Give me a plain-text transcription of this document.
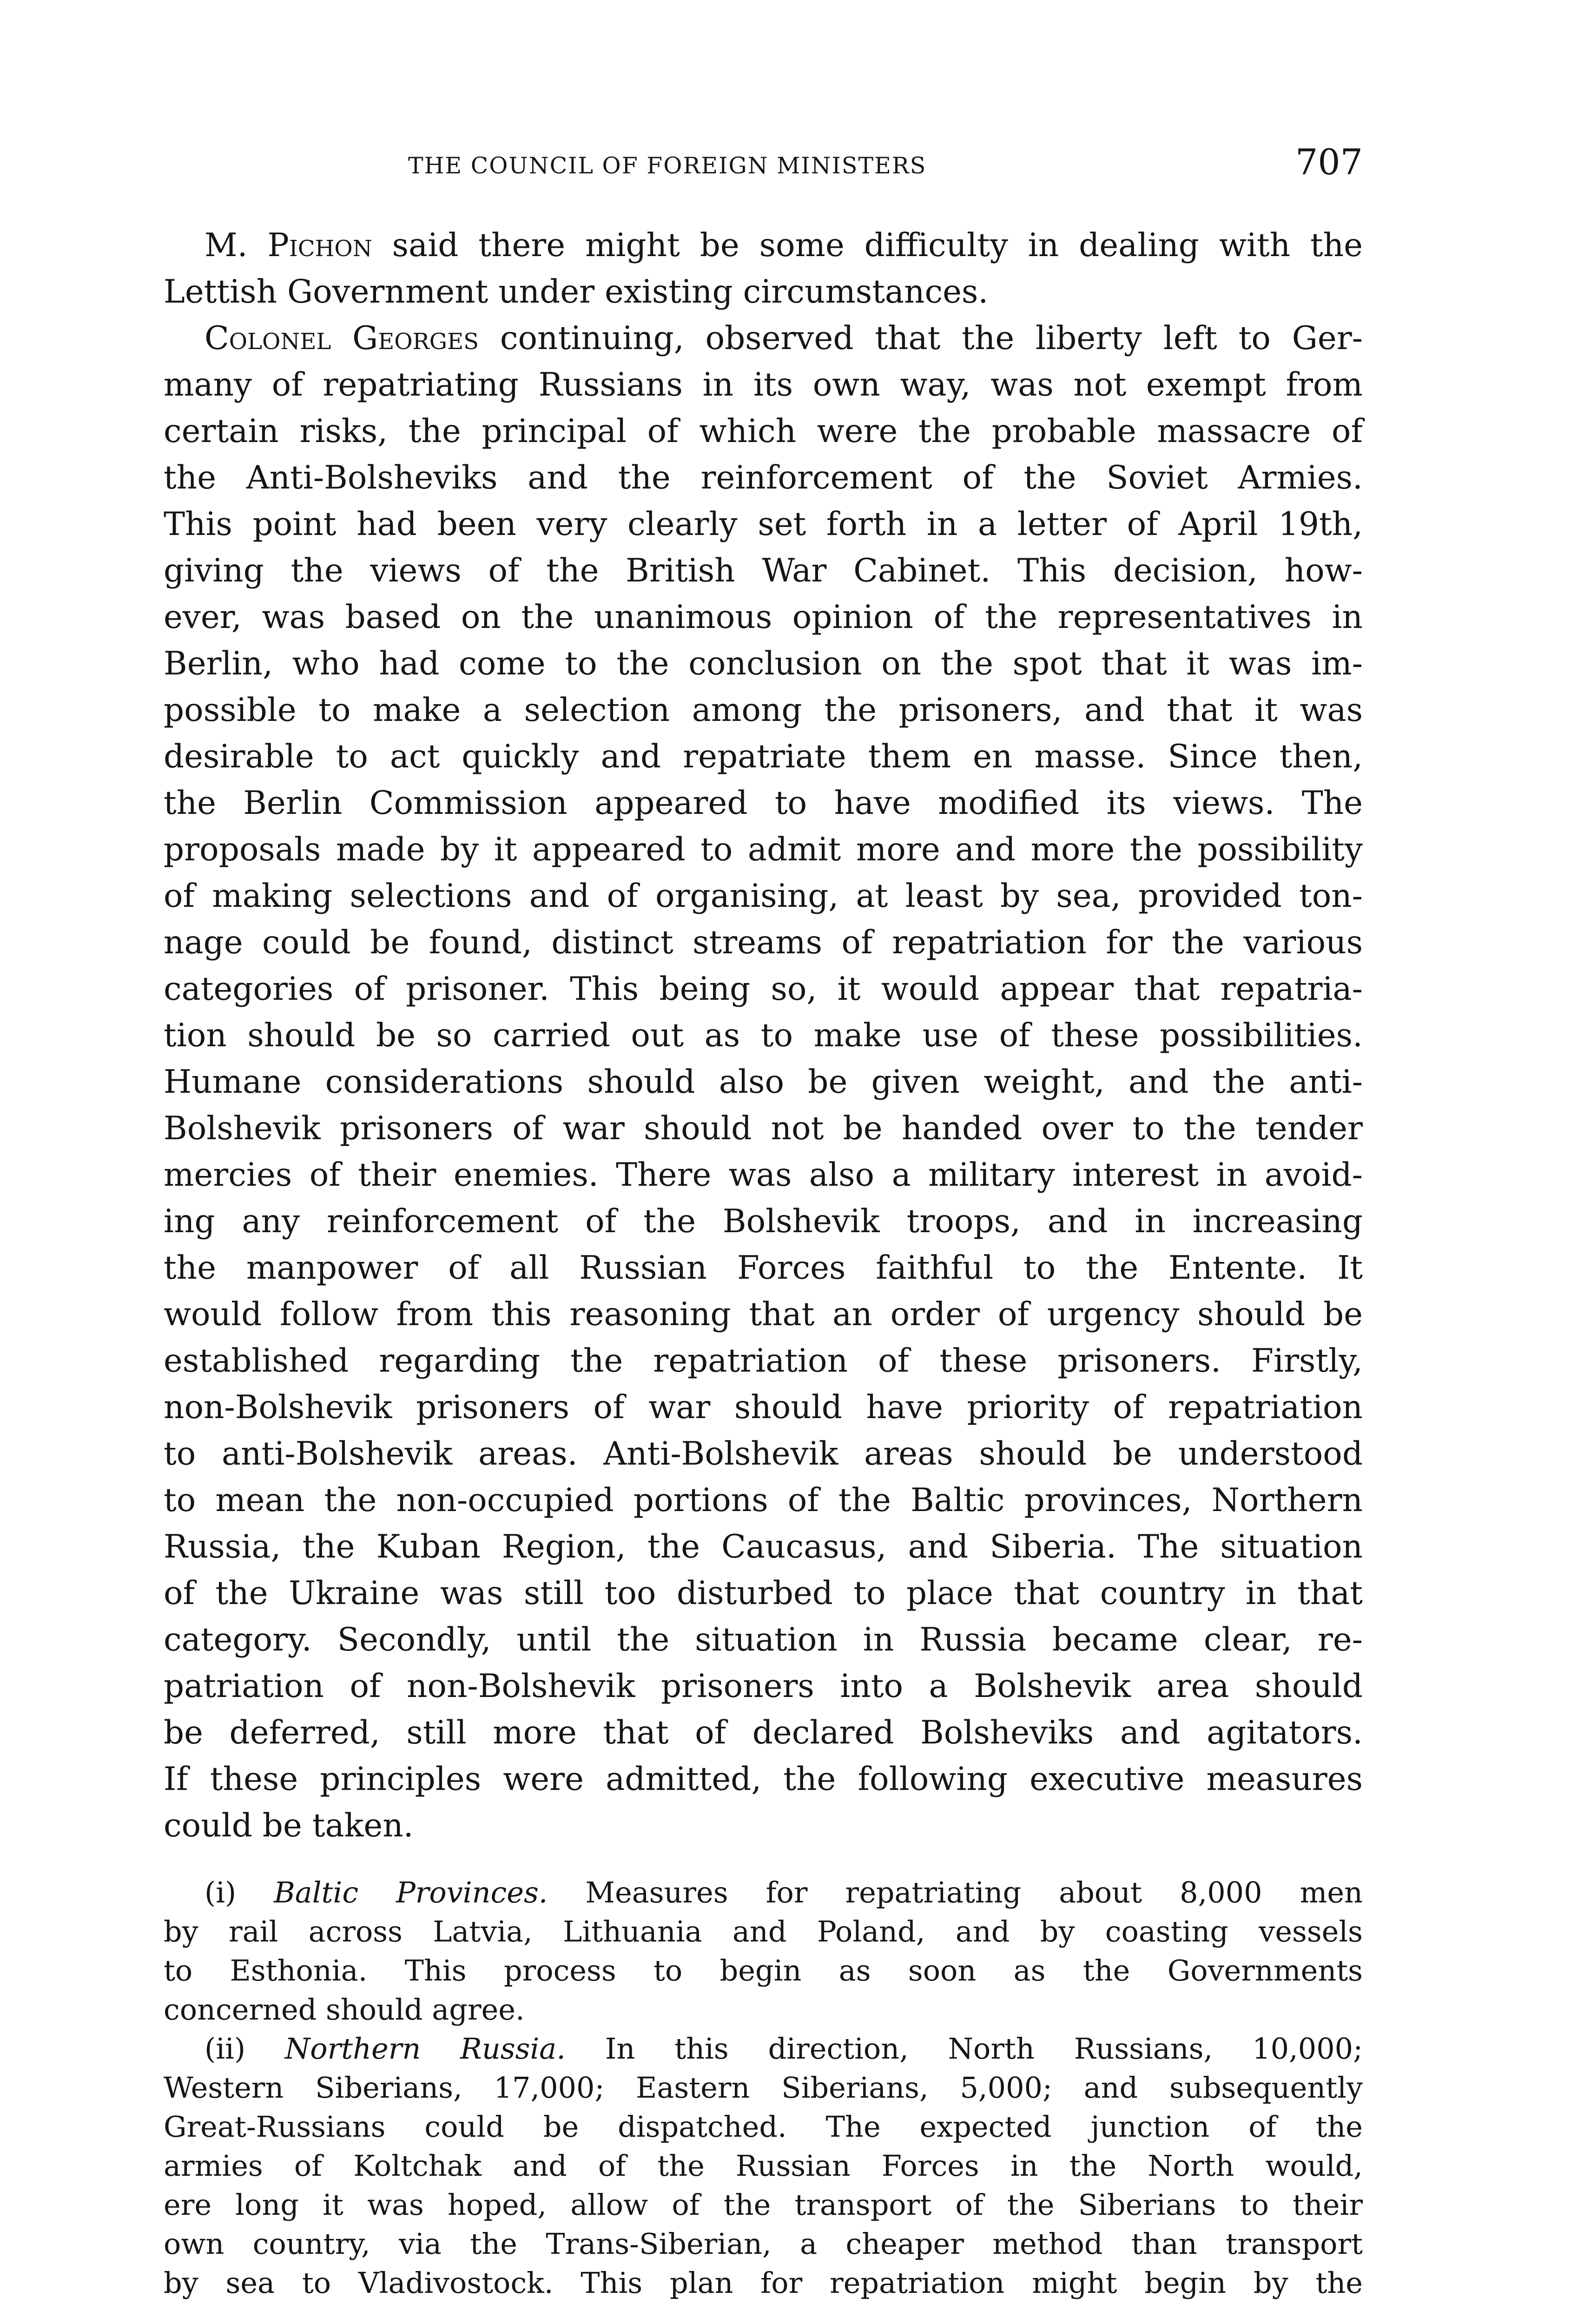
THE COUNCIL OF FOREIGN MINISTERS	707
M. Pichon said there might be some difficulty in dealing with the
Lettish Government under existing circumstances.
Colonel Georges continuing, observed that the liberty left to Ger-
many of repatriating Russians in its own way, was not exempt from
certain risks, the principal of which were the probable massacre of
the Anti-Bolsheviks and the reinforcement of the Soviet Armies.
This point had been very clearly set forth in a letter of April 19th,
giving the views of the British War Cabinet. This decision, how-
ever, was based on the unanimous opinion of the representatives in
Berlin, who had come to the conclusion on the spot that it was im-
possible to make a selection among the prisoners, and that it was
desirable to act quickly and repatriate them en masse. Since then,
the Berlin Commission appeared to have modified its views. The
proposals made by it appeared to admit more and more the possibility
of making selections and of organising, at least by sea, provided ton-
nage could be found, distinct streams of repatriation for the various
categories of prisoner. This being so, it would appear that repatria-
tion should be so carried out as to make use of these possibilities.
Humane considerations should also be given weight, and the anti-
Bolshevik prisoners of war should not be handed over to the tender
mercies of their enemies. There was also a military interest in avoid-
ing any reinforcement of the Bolshevik troops, and in increasing
the manpower of all Russian Forces faithful to the Entente. It
would follow from this reasoning that an order of urgency should be
established regarding the repatriation of these prisoners. Firstly,
non-Bolshevik prisoners of war should have priority of repatriation
to anti-Bolshevik areas. Anti-Bolshevik areas should be understood
to mean the non-occupied portions of the Baltic provinces, Northern
Russia, the Kuban Region, the Caucasus, and Siberia. The situation
of the Ukraine was still too disturbed to place that country in that
category. Secondly, until the situation in Russia became clear, re-
patriation of non-Bolshevik prisoners into a Bolshevik area should
be deferred, still more that of declared Bolsheviks and agitators.
If these principles were admitted, the following executive measures
could be taken.
(i) Baltic Provinces. Measures for repatriating about 8,000 men
by rail across Latvia, Lithuania and Poland, and by coasting vessels
to Esthonia. This process to begin as soon as the Governments
concerned should agree.
(ii) Northern Russia. In this direction, North Russians, 10,000;
Western Siberians, 17,000; Eastern Siberians, 5,000; and subsequently
Great-Russians could be dispatched. The expected junction of the
armies of Koltchak and of the Russian Forces in the North would,
ere long it was hoped, allow of the transport of the Siberians to their
own country, via the Trans-Siberian, a cheaper method than transport
by sea to Vladivostock. This plan for repatriation might begin by the
